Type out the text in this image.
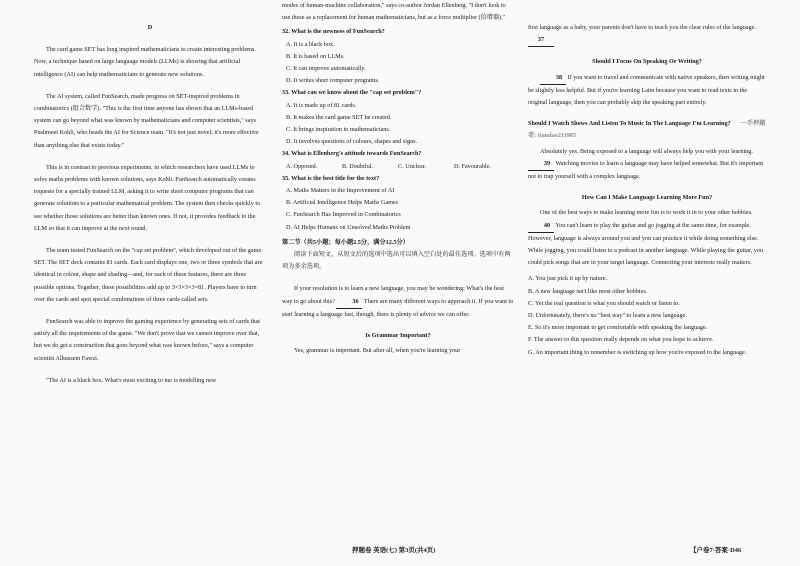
D

The card game SET has long inspired mathematicians to create interesting problems. Now, a technique based on large language models (LLMs) is showing that artificial intelligence (AI) can help mathematicians to generate new solutions.

The AI system, called FunSearch, made progress on SET-inspired problems in combinatorics (组合数学). "This is the first time anyone has shown that an LLMs-based system can go beyond what was known by mathematicians and computer scientists," says Pushmeet Kohli, who heads the AI for Science team. "It's not just novel; it's more effective than anything else that exists today."

This is in contrast to previous experiments, in which researchers have used LLMs to solve maths problems with known solutions, says Kohli. FunSearch automatically creates requests for a specially trained LLM, asking it to write short computer programs that can generate solutions to a particular mathematical problem. The system then checks quickly to see whether those solutions are better than known ones. If not, it provides feedback to the LLM so that it can improve at the next round.

The team tested FunSearch on the "cap set problem", which developed out of the game SET. The SET deck contains 81 cards. Each card displays one, two or three symbols that are identical in colour, shape and shading—and, for each of these features, there are three possible options. Together, these possibilities add up to 3×3×3×3=81. Players have to turn over the cards and spot special combinations of three cards called sets.

FunSearch was able to improve the gaming experience by generating sets of cards that satisfy all the requirements of the game. "We don't prove that we cannot improve over that, but we do get a construction that goes beyond what was known before," says a computer scientist Alhussein Fawzi.

"The AI is a black box. What's most exciting to me is modelling new

modes of human-machine collaboration," says co-author Jordan Ellenberg. "I don't look to use these as a replacement for human mathematicians, but as a force multiplier (倍增器)."

32. What is the newness of FunSearch?

A. It is a black box.

B. It is based on LLMs.

C. It can improve automatically.

D. It writes short computer programs.

33. What can we know about the "cap set problem"?

A. It is made up of 81 cards.

B. It makes the card game SET be created.

C. It brings inspiration to mathematicians.

D. It involves questions of colours, shapes and signs.

34. What is Ellenberg's attitude towards FunSearch?

A. Opposed.	B. Doubtful.	C. Unclear.	D. Favourable.

35. What is the best title for the text?

A. Maths Matters in the Improvement of AI

B. Artificial Intelligence Helps Maths Games

C. FunSearch Has Improved in Combinatorics

D. AI Helps Humans on Unsolved Maths Problem

第二节（共5小题；每小题2.5分，满分12.5分）

阅读下面短文，从短文后的选项中选出可以填入空白处的最佳选项。选项中有两项为多余选项。

If your resolution is to learn a new language, you may be wondering: What's the best way to go about this?	36 There are many different ways to approach it. If you want to start learning a language fast, though, there is plenty of advice we can offer.

Is Grammar Important?

Yes, grammar is important. But after all, when you're learning your

first language as a baby, your parents don't have to teach you the clear rules of the language. 37

Should I Focus On Speaking Or Writing?

38 If you want to travel and communicate with native speakers, then writing might be slightly less helpful. But if you're learning Latin because you want to read texts in the original language, then you can probably skip the speaking part entirely.

Should I Watch Shows And Listen To Music In The Language I'm Learning? 一手押题者: tiandao211985

Absolutely yes. Being exposed to a language will always help you with your learning. 39 Watching movies to learn a language may have helped somewhat. But it's important not to trap yourself with a complex language.

How Can I Make Language Learning More Fun?

One of the best ways to make learning more fun is to work it in to your other hobbies. 40 You can't learn to play the guitar and go jogging at the same time, for example. However, language is always around you and you can practice it while doing something else. While jogging, you could listen to a podcast in another language. While playing the guitar, you could pick songs that are in your target language. Connecting your interests really matters.

A. You just pick it up by nature.

B. A new language isn't like most other hobbies.

C. Yet the real question is what you should watch or listen to.

D. Unfortunately, there's no "best way" to learn a new language.

E. So it's more important to get comfortable with speaking the language.

F. The answer to this question really depends on what you hope to achieve.

G. An important thing to remember is switching up how you're exposed to the language.

押题卷 英语(七) 第3页(共4页)	【户卷7·答案·D46
